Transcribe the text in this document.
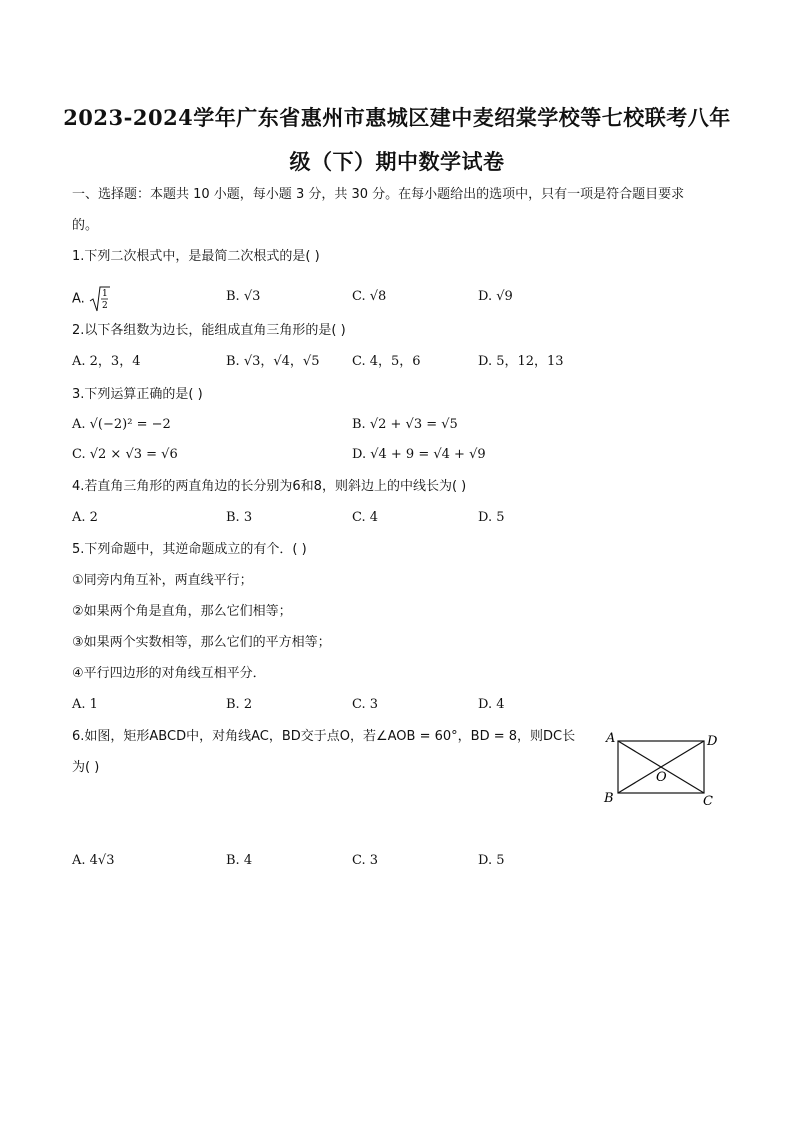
2023-2024学年广东省惠州市惠城区建中麦绍棠学校等七校联考八年
级（下）期中数学试卷
一、选择题：本题共 10 小题，每小题 3 分，共 30 分。在每小题给出的选项中，只有一项是符合题目要求
的。
1.下列二次根式中，是最简二次根式的是( )
A. 1
2
B. √3	C. √8	D. √9
2.以下各组数为边长，能组成直角三角形的是( )
A. 2，3，4	B. √3，√4，√5	C. 4，5，6	D. 5，12，13
3.下列运算正确的是( )
A. √(−2)² = −2	B. √2 + √3 = √5
C. √2 × √3 = √6	D. √4 + 9 = √4 + √9
4.若直角三角形的两直角边的长分别为6和8，则斜边上的中线长为( )
A. 2	B. 3	C. 4	D. 5
5.下列命题中，其逆命题成立的有个．( )
①同旁内角互补，两直线平行；
②如果两个角是直角，那么它们相等；
③如果两个实数相等，那么它们的平方相等；
④平行四边形的对角线互相平分．
A. 1	B. 2	C. 3	D. 4
6.如图，矩形ABCD中，对角线AC，BD交于点O，若∠AOB = 60°，BD = 8，则DC长
为( )
A	D
B	C
O
A. 4√3	B. 4	C. 3	D. 5
